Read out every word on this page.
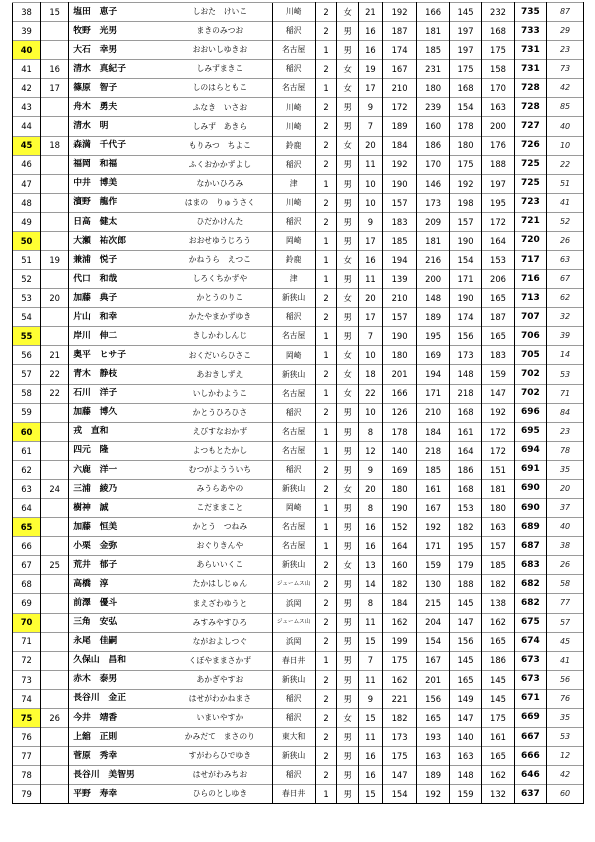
38	15	塩田　恵子	しおた　けいこ	川崎	2	女	21	192	166	145	232	735	87
39		牧野　光男	まきのみつお	稲沢	2	男	16	187	181	197	168	733	29
40		大石　幸男	おおいしゆきお	名古屋	1	男	16	174	185	197	175	731	23
41	16	清水　真紀子	しみずまきこ	稲沢	2	女	19	167	231	175	158	731	73
42	17	篠原　智子	しのはらともこ	名古屋	1	女	17	210	180	168	170	728	42
43		舟木　勇夫	ふなき　いさお	川崎	2	男	9	172	239	154	163	728	85
44		清水　明	しみず　あきら	川崎	2	男	7	189	160	178	200	727	40
45	18	森満　千代子	もりみつ　ちよこ	鈴鹿	2	女	20	184	186	180	176	726	10
46		福岡　和福	ふくおかかずよし	稲沢	2	男	11	192	170	175	188	725	22
47		中井　博美	なかいひろみ	津	1	男	10	190	146	192	197	725	51
48		濱野　龍作	はまの　りゅうさく	川崎	2	男	10	157	173	198	195	723	41
49		日高　健太	ひだかけんた	稲沢	2	男	9	183	209	157	172	721	52
50		大瀬　祐次郎	おおせゆうじろう	岡崎	1	男	17	185	181	190	164	720	26
51	19	兼浦　悦子	かねうら　えつこ	鈴鹿	1	女	16	194	216	154	153	717	63
52		代口　和哉	しろくちかずや	津	1	男	11	139	200	171	206	716	67
53	20	加藤　典子	かとうのりこ	新狭山	2	女	20	210	148	190	165	713	62
54		片山　和幸	かたやまかずゆき	稲沢	2	男	17	157	189	174	187	707	32
55		岸川　伸二	きしかわしんじ	名古屋	1	男	7	190	195	156	165	706	39
56	21	奥平　ヒサ子	おくだいらひさこ	岡崎	1	女	10	180	169	173	183	705	14
57	22	青木　静枝	あおきしずえ	新狭山	2	女	18	201	194	148	159	702	53
58	22	石川　洋子	いしかわようこ	名古屋	1	女	22	166	171	218	147	702	71
59		加藤　博久	かとうひろひさ	稲沢	2	男	10	126	210	168	192	696	84
60		戎　直和	えびすなおかず	名古屋	1	男	8	178	184	161	172	695	23
61		四元　隆	よつもとたかし	名古屋	1	男	12	140	218	164	172	694	78
62		六鹿　洋一	むつがようういち	稲沢	2	男	9	169	185	186	151	691	35
63	24	三浦　綾乃	みうらあやの	新狭山	2	女	20	180	161	168	181	690	20
64		樹神　誠	こだままこと	岡崎	1	男	8	190	167	153	180	690	37
65		加藤　恒美	かとう　つねみ	名古屋	1	男	16	152	192	182	163	689	40
66		小栗　金弥	おぐりきんや	名古屋	1	男	16	164	171	195	157	687	38
67	25	荒井　郁子	あらいいくこ	新狭山	2	女	13	160	159	179	185	683	26
68		高橋　淳	たかはしじゅん	ジェームス山	2	男	14	182	130	188	182	682	58
69		前澤　優斗	まえざわゆうと	浜岡	2	男	8	184	215	145	138	682	77
70		三角　安弘	みすみやすひろ	ジェームス山	2	男	11	162	204	147	162	675	57
71		永尾　佳嗣	ながおよしつぐ	浜岡	2	男	15	199	154	156	165	674	45
72		久保山　昌和	くぼやままさかず	春日井	1	男	7	175	167	145	186	673	41
73		赤木　泰男	あかぎやすお	新狭山	2	男	11	162	201	165	145	673	56
74		長谷川　金正	はせがわかねまさ	稲沢	2	男	9	221	156	149	145	671	76
75	26	今井　靖香	いまいやすか	稲沢	2	女	15	182	165	147	175	669	35
76		上舘　正則	かみだて　まさのり	東大和	2	男	11	173	193	140	161	667	53
77		菅原　秀幸	すがわらひでゆき	新狭山	2	男	16	175	163	163	165	666	12
78		長谷川　美智男	はせがわみちお	稲沢	2	男	16	147	189	148	162	646	42
79		平野　寿幸	ひらのとしゆき	春日井	1	男	15	154	192	159	132	637	60
